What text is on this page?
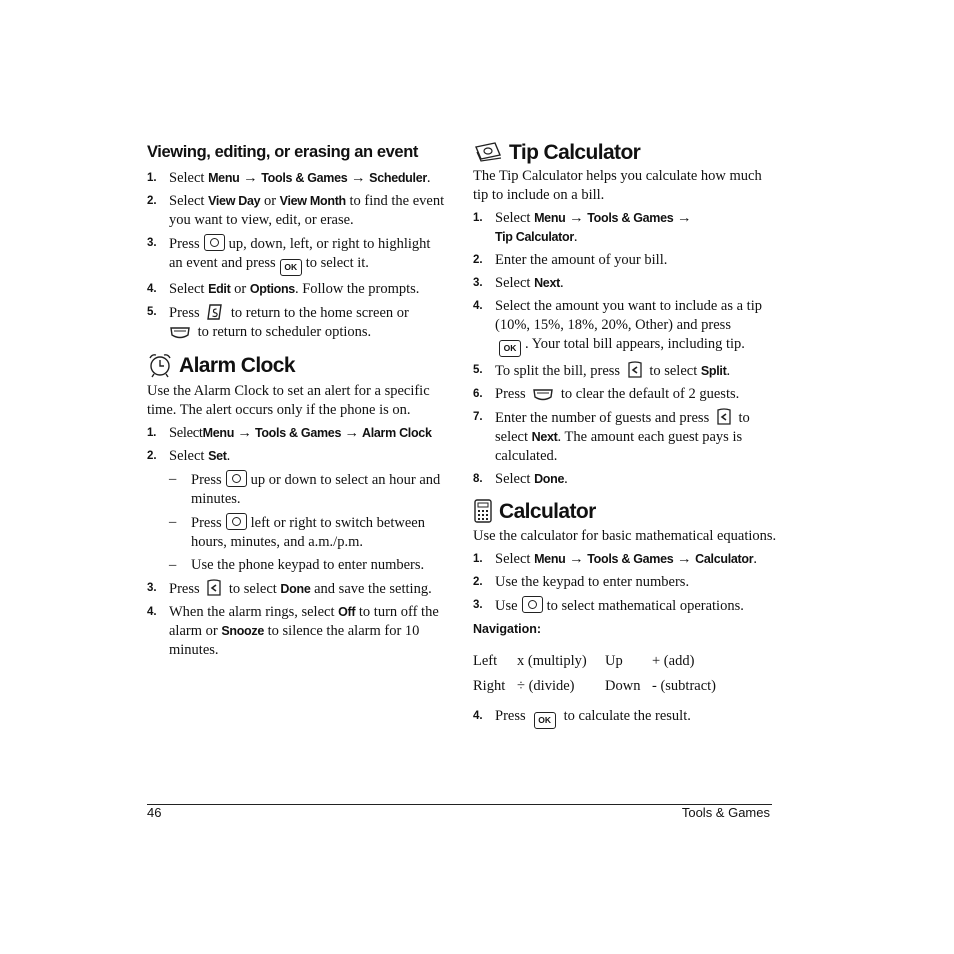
Viewing, editing, or erasing an event
1. Select Menu → Tools & Games → Scheduler.
2. Select View Day or View Month to find the event you want to view, edit, or erase.
3. Press up, down, left, or right to highlight an event and press OK to select it.
4. Select Edit or Options. Follow the prompts.
5. Press to return to the home screen or
to return to scheduler options.
Alarm Clock

Use the Alarm Clock to set an alert for a specific time. The alert occurs only if the phone is on.

1. SelectMenu → Tools & Games → Alarm Clock
2. Select Set.
– Press up or down to select an hour and minutes.
– Press left or right to switch between hours, minutes, and a.m./p.m.
– Use the phone keypad to enter numbers.
3. Press to select Done and save the setting.
4. When the alarm rings, select Off to turn off the alarm or Snooze to silence the alarm for 10 minutes.
Tip Calculator

The Tip Calculator helps you calculate how much tip to include on a bill.

1. Select Menu → Tools & Games →
Tip Calculator.
2. Enter the amount of your bill.
3. Select Next.
4. Select the amount you want to include as a tip (10%, 15%, 18%, 20%, Other) and press
OK . Your total bill appears, including tip.
5. To split the bill, press to select Split.
6. Press to clear the default of 2 guests.
7. Enter the number of guests and press to select Next. The amount each guest pays is calculated.
8. Select Done.
Calculator

Use the calculator for basic mathematical equations.

1. Select Menu → Tools & Games → Calculator.
2. Use the keypad to enter numbers.
3. Use to select mathematical operations.
Navigation:
Left	x (multiply)	Up	+ (add)
Right	÷ (divide)	Down	- (subtract)
4. Press OK to calculate the result.
46	Tools & Games
